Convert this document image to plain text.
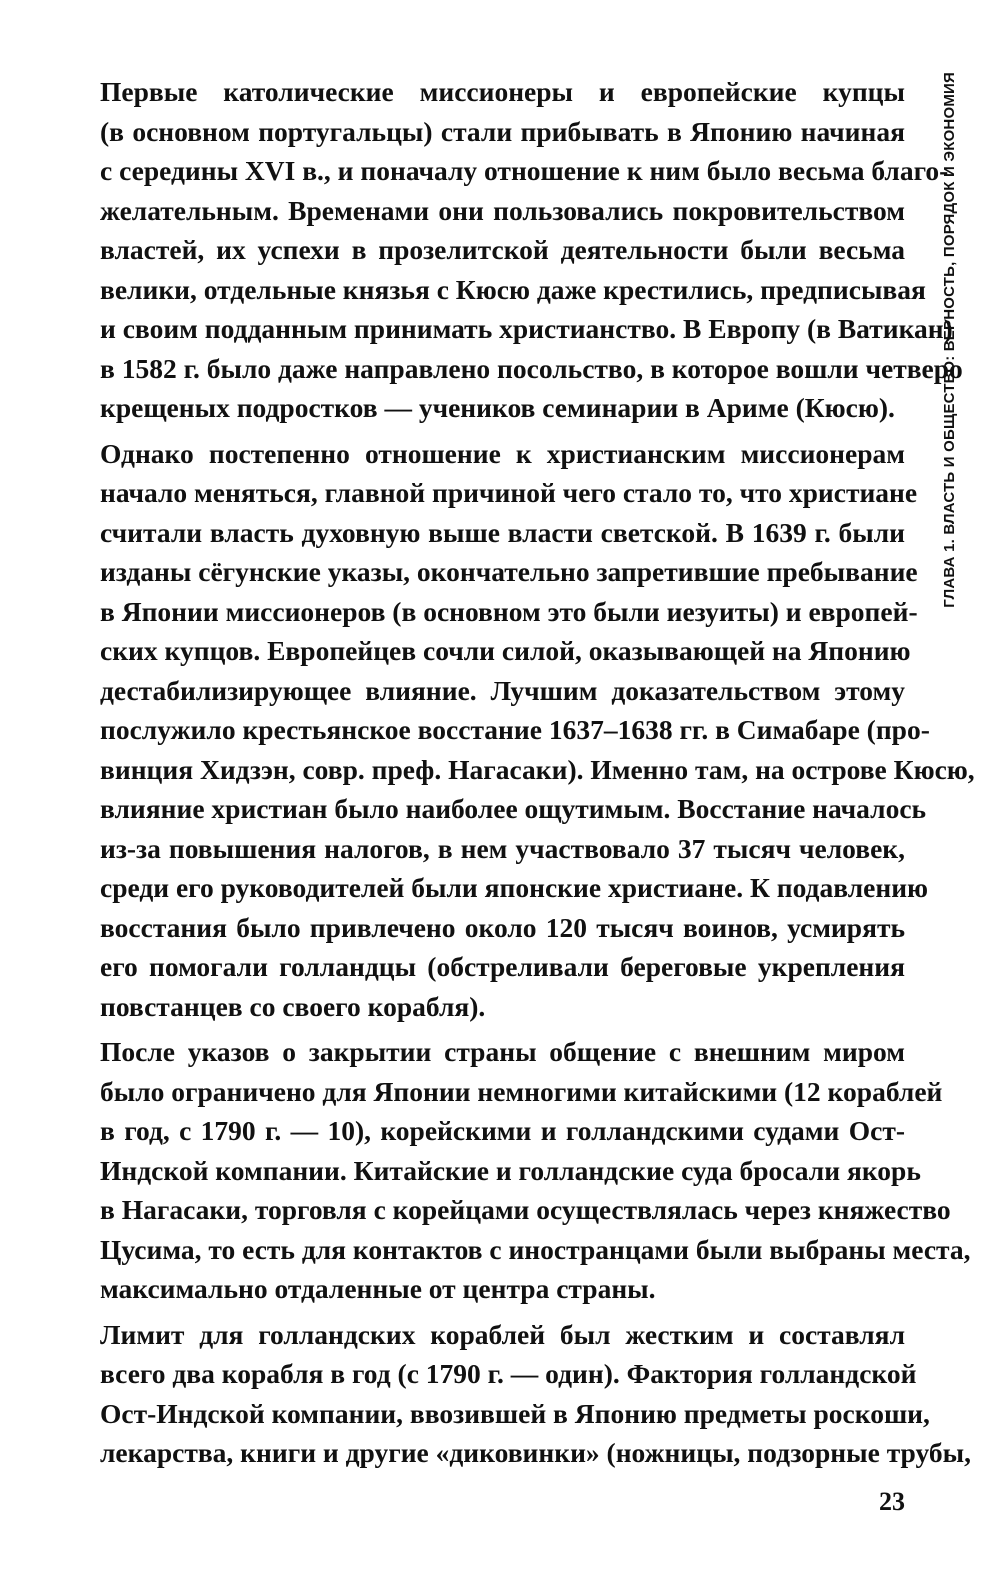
Первые католические миссионеры и европейские купцы
(в основном португальцы) стали прибывать в Японию начиная
с середины XVI в., и поначалу отношение к ним было весьма благо-
желательным. Временами они пользовались покровительством
властей, их успехи в прозелитской деятельности были весьма
велики, отдельные князья с Кюсю даже крестились, предписывая
и своим подданным принимать христианство. В Европу (в Ватикан)
в 1582 г. было даже направлено посольство, в которое вошли четверо
крещеных подростков — учеников семинарии в Ариме (Кюсю).

Однако постепенно отношение к христианским миссионерам
начало меняться, главной причиной чего стало то, что христиане
считали власть духовную выше власти светской. В 1639 г. были
изданы сёгунские указы, окончательно запретившие пребывание
в Японии миссионеров (в основном это были иезуиты) и европей-
ских купцов. Европейцев сочли силой, оказывающей на Японию
дестабилизирующее влияние. Лучшим доказательством этому
послужило крестьянское восстание 1637–1638 гг. в Симабаре (про-
винция Хидзэн, совр. преф. Нагасаки). Именно там, на острове Кюсю,
влияние христиан было наиболее ощутимым. Восстание началось
из-за повышения налогов, в нем участвовало 37 тысяч человек,
среди его руководителей были японские христиане. К подавлению
восстания было привлечено около 120 тысяч воинов, усмирять
его помогали голландцы (обстреливали береговые укрепления
повстанцев со своего корабля).

После указов о закрытии страны общение с внешним миром
было ограничено для Японии немногими китайскими (12 кораблей
в год, с 1790 г. — 10), корейскими и голландскими судами Ост-
Индской компании. Китайские и голландские суда бросали якорь
в Нагасаки, торговля с корейцами осуществлялась через княжество
Цусима, то есть для контактов с иностранцами были выбраны места,
максимально отдаленные от центра страны.

Лимит для голландских кораблей был жестким и составлял
всего два корабля в год (с 1790 г. — один). Фактория голландской
Ост-Индской компании, ввозившей в Японию предметы роскоши,
лекарства, книги и другие «диковинки» (ножницы, подзорные трубы,

ГЛАВА 1. ВЛАСТЬ И ОБЩЕСТВО: ВЕРНОСТЬ, ПОРЯДОК И ЭКОНОМИЯ
23
